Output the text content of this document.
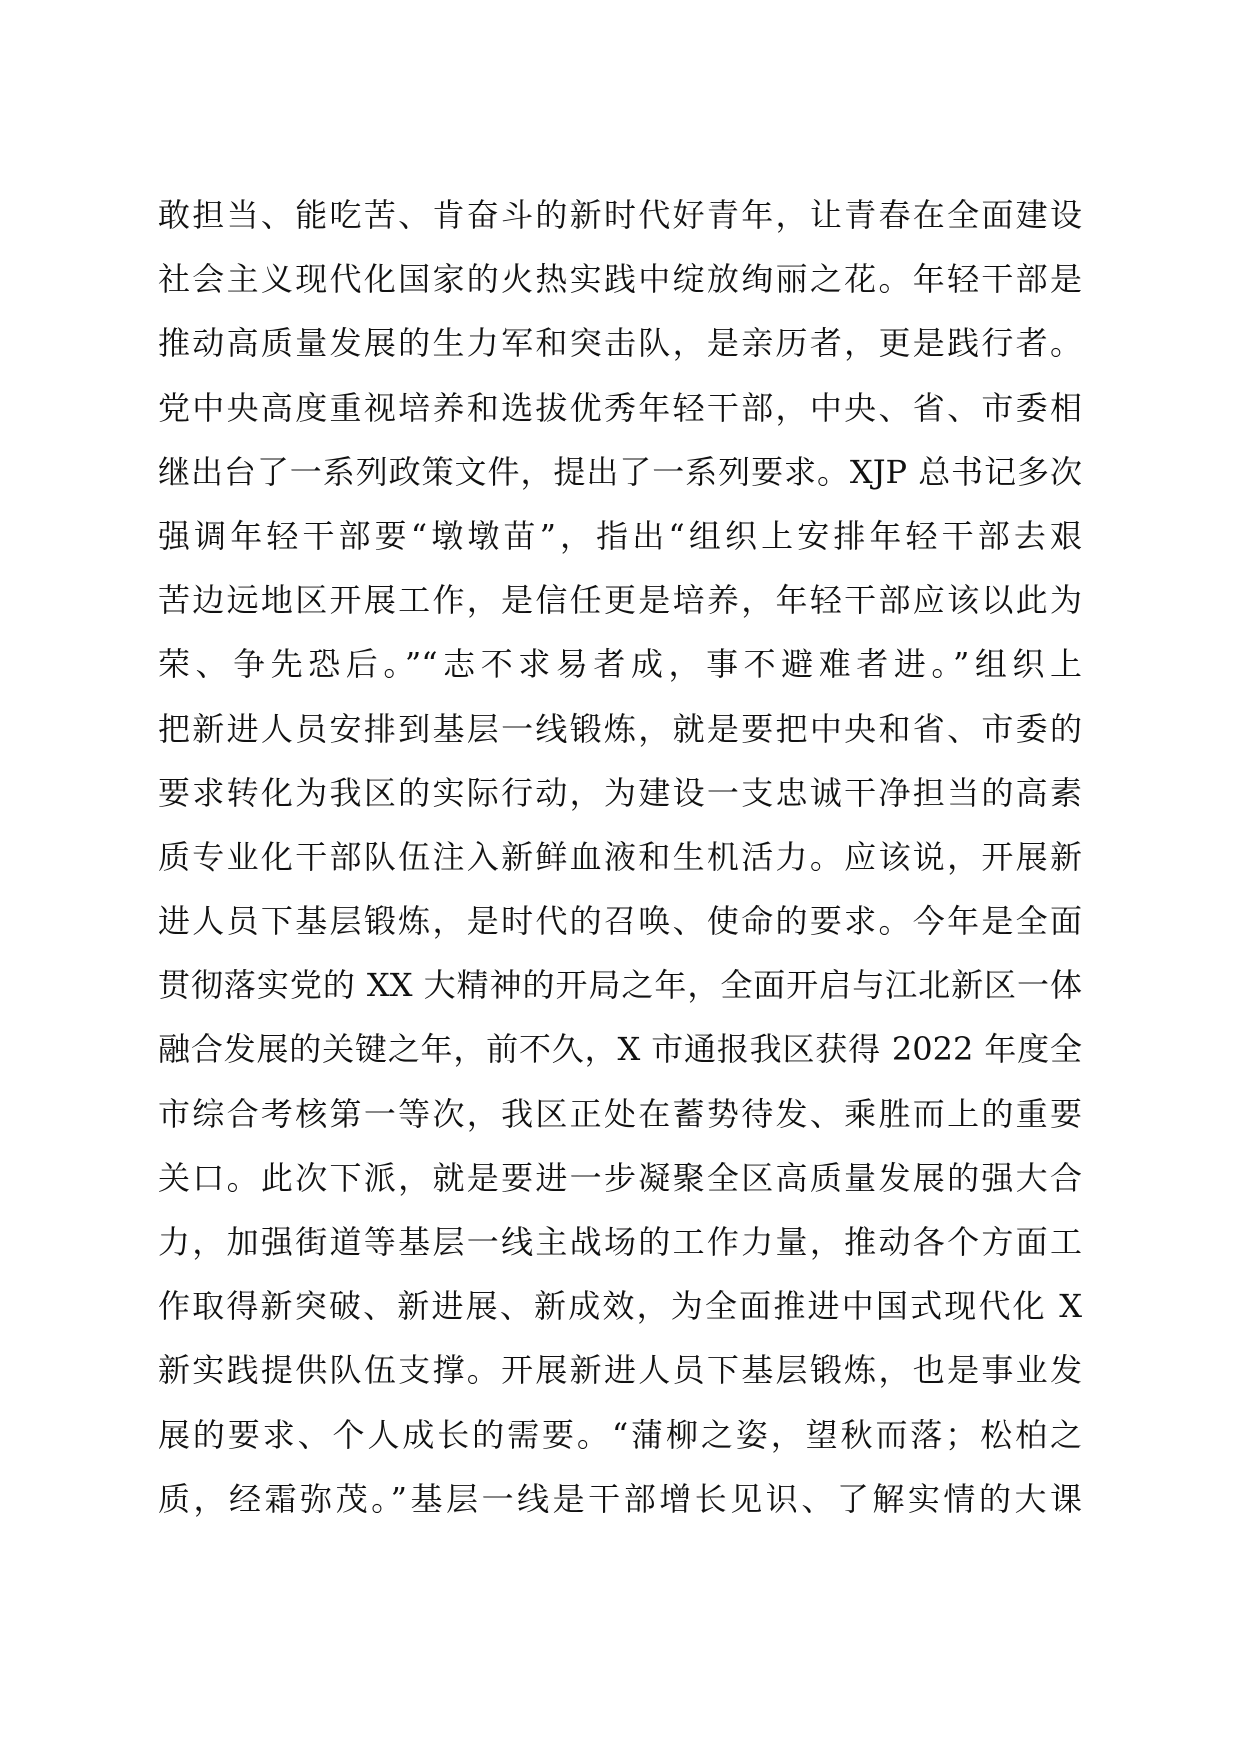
敢担当、能吃苦、肯奋斗的新时代好青年，让青春在全面建设
社会主义现代化国家的火热实践中绽放绚丽之花。年轻干部是
推动高质量发展的生力军和突击队，是亲历者，更是践行者。
党中央高度重视培养和选拔优秀年轻干部，中央、省、市委相
继出台了一系列政策文件，提出了一系列要求。XJP 总书记多次
强调年轻干部要“墩墩苗”，指出“组织上安排年轻干部去艰
苦边远地区开展工作，是信任更是培养，年轻干部应该以此为
荣、争先恐后。”“志不求易者成，事不避难者进。”组织上
把新进人员安排到基层一线锻炼，就是要把中央和省、市委的
要求转化为我区的实际行动，为建设一支忠诚干净担当的高素
质专业化干部队伍注入新鲜血液和生机活力。应该说，开展新
进人员下基层锻炼，是时代的召唤、使命的要求。今年是全面
贯彻落实党的 XX 大精神的开局之年，全面开启与江北新区一体
融合发展的关键之年，前不久，X 市通报我区获得 2022 年度全
市综合考核第一等次，我区正处在蓄势待发、乘胜而上的重要
关口。此次下派，就是要进一步凝聚全区高质量发展的强大合
力，加强街道等基层一线主战场的工作力量，推动各个方面工
作取得新突破、新进展、新成效，为全面推进中国式现代化 X
新实践提供队伍支撑。开展新进人员下基层锻炼，也是事业发
展的要求、个人成长的需要。“蒲柳之姿，望秋而落；松柏之
质，经霜弥茂。”基层一线是干部增长见识、了解实情的大课
